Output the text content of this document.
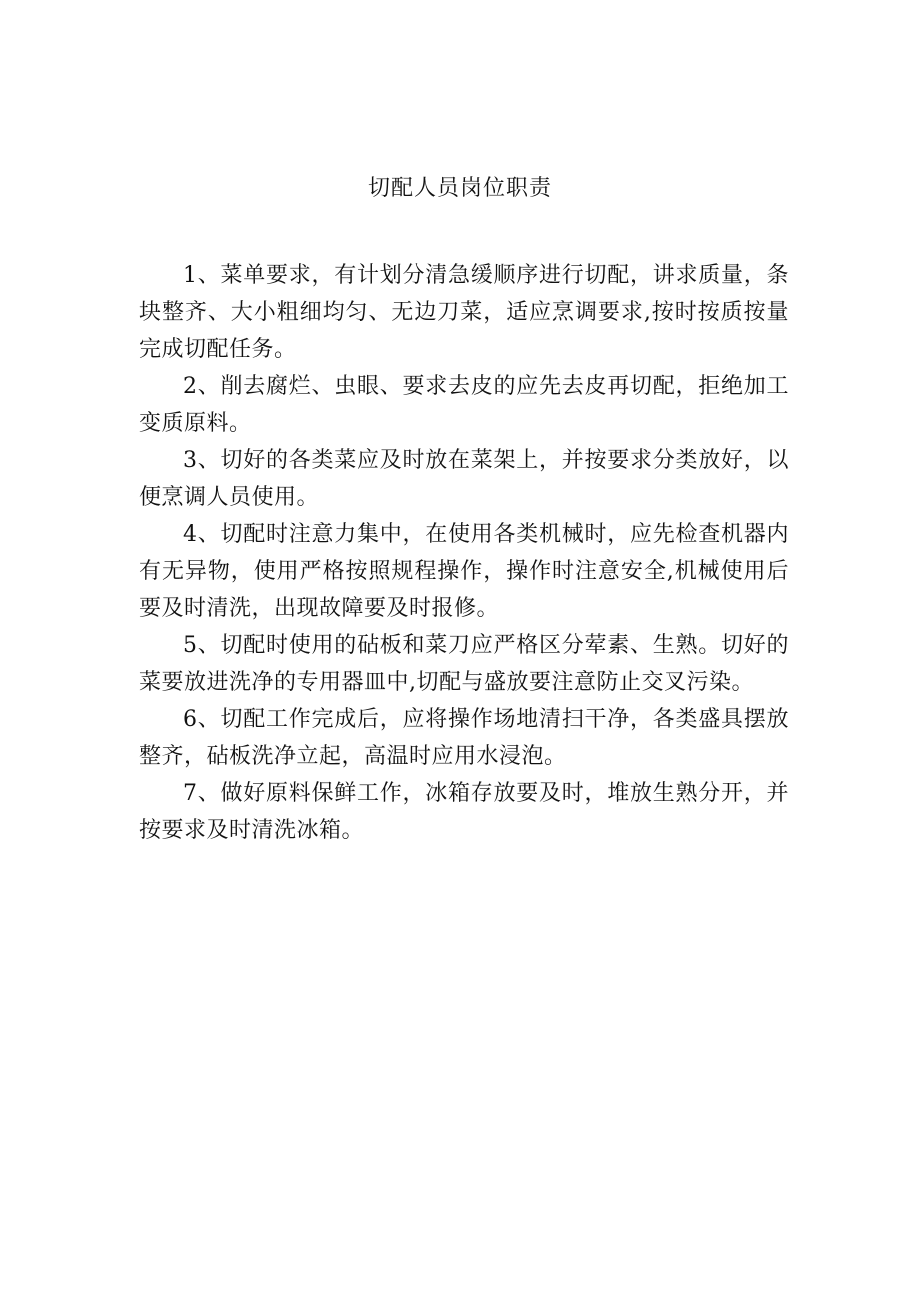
切配人员岗位职责

1、菜单要求，有计划分清急缓顺序进行切配，讲求质量，条块整齐、大小粗细均匀、无边刀菜，适应烹调要求,按时按质按量完成切配任务。

2、削去腐烂、虫眼、要求去皮的应先去皮再切配，拒绝加工变质原料。

3、切好的各类菜应及时放在菜架上，并按要求分类放好，以便烹调人员使用。

4、切配时注意力集中，在使用各类机械时，应先检查机器内有无异物，使用严格按照规程操作，操作时注意安全,机械使用后要及时清洗，出现故障要及时报修。

5、切配时使用的砧板和菜刀应严格区分荤素、生熟。切好的菜要放进洗净的专用器皿中,切配与盛放要注意防止交叉污染。

6、切配工作完成后，应将操作场地清扫干净，各类盛具摆放整齐，砧板洗净立起，高温时应用水浸泡。

7、做好原料保鲜工作，冰箱存放要及时，堆放生熟分开，并按要求及时清洗冰箱。
